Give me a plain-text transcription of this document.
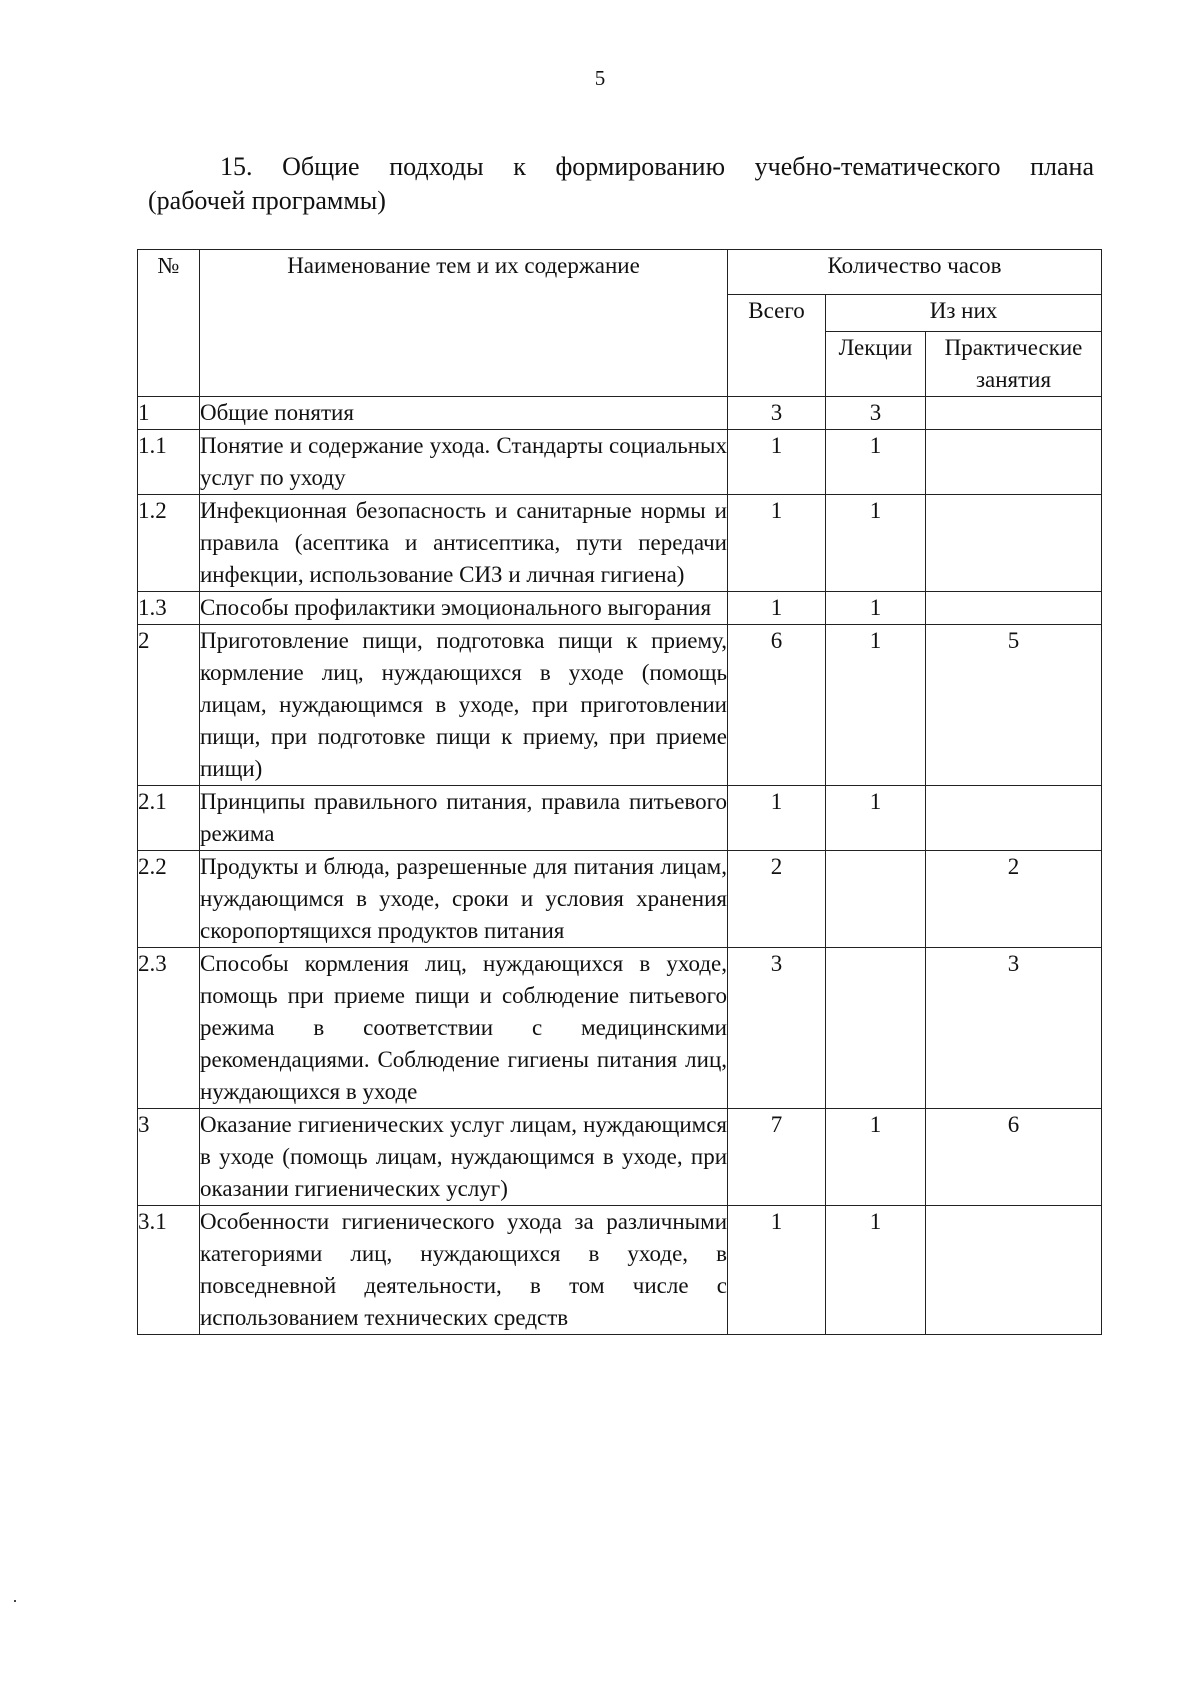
5
15. Общие подходы к формированию учебно-тематического плана
(рабочей программы)
№	Наименование тем и их содержание	Количество часов		
		Всего	Из них	
			Лекции	Практические занятия
1	Общие понятия	3	3	
1.1	Понятие и содержание ухода. Стандарты социальных услуг по уходу	1	1	
1.2	Инфекционная безопасность и санитарные нормы и правила (асептика и антисептика, пути передачи инфекции, использование СИЗ и личная гигиена)	1	1	
1.3	Способы профилактики эмоционального выгорания	1	1	
2	Приготовление пищи, подготовка пищи к приему, кормление лиц, нуждающихся в уходе (помощь лицам, нуждающимся в уходе, при приготовлении пищи, при подготовке пищи к приему, при приеме пищи)	6	1	5
2.1	Принципы правильного питания, правила питьевого режима	1	1	
2.2	Продукты и блюда, разрешенные для питания лицам, нуждающимся в уходе, сроки и условия хранения скоропортящихся продуктов питания	2		2
2.3	Способы кормления лиц, нуждающихся в уходе, помощь при приеме пищи и соблюдение питьевого режима в соответствии с медицинскими рекомендациями. Соблюдение гигиены питания лиц, нуждающихся в уходе	3		3
3	Оказание гигиенических услуг лицам, нуждающимся в уходе (помощь лицам, нуждающимся в уходе, при оказании гигиенических услуг)	7	1	6
3.1	Особенности гигиенического ухода за различными категориями лиц, нуждающихся в уходе, в повседневной деятельности, в том числе с использованием технических средств	1	1	
